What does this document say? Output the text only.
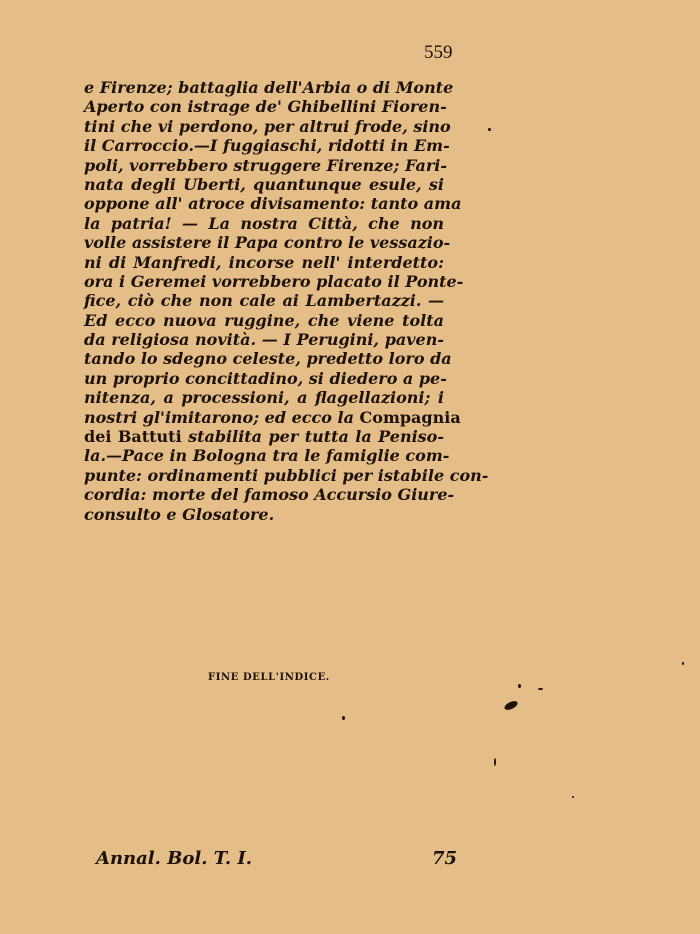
559
e Firenze; battaglia dell'Arbia o di Monte
Aperto con istrage de' Ghibellini Fioren-
tini che vi perdono, per altrui frode, sino
il Carroccio.—I fuggiaschi, ridotti in Em-
poli, vorrebbero struggere Firenze; Fari-
nata degli Uberti, quantunque esule, si
oppone all' atroce divisamento: tanto ama
la patria! — La nostra Città, che non
volle assistere il Papa contro le vessazio-
ni di Manfredi, incorse nell' interdetto:
ora i Geremei vorrebbero placato il Ponte-
fice, ciò che non cale ai Lambertazzi. —
Ed ecco nuova ruggine, che viene tolta
da religiosa novità. — I Perugini, paven-
tando lo sdegno celeste, predetto loro da
un proprio concittadino, si diedero a pe-
nitenza, a processioni, a flagellazioni; i
nostri gl'imitarono; ed ecco la Compagnia
dei Battuti stabilita per tutta la Peniso-
la.—Pace in Bologna tra le famiglie com-
punte: ordinamenti pubblici per istabile con-
cordia: morte del famoso Accursio Giure-
consulto e Glosatore.
FINE DELL'INDICE.
Annal. Bol. T. I.	75
